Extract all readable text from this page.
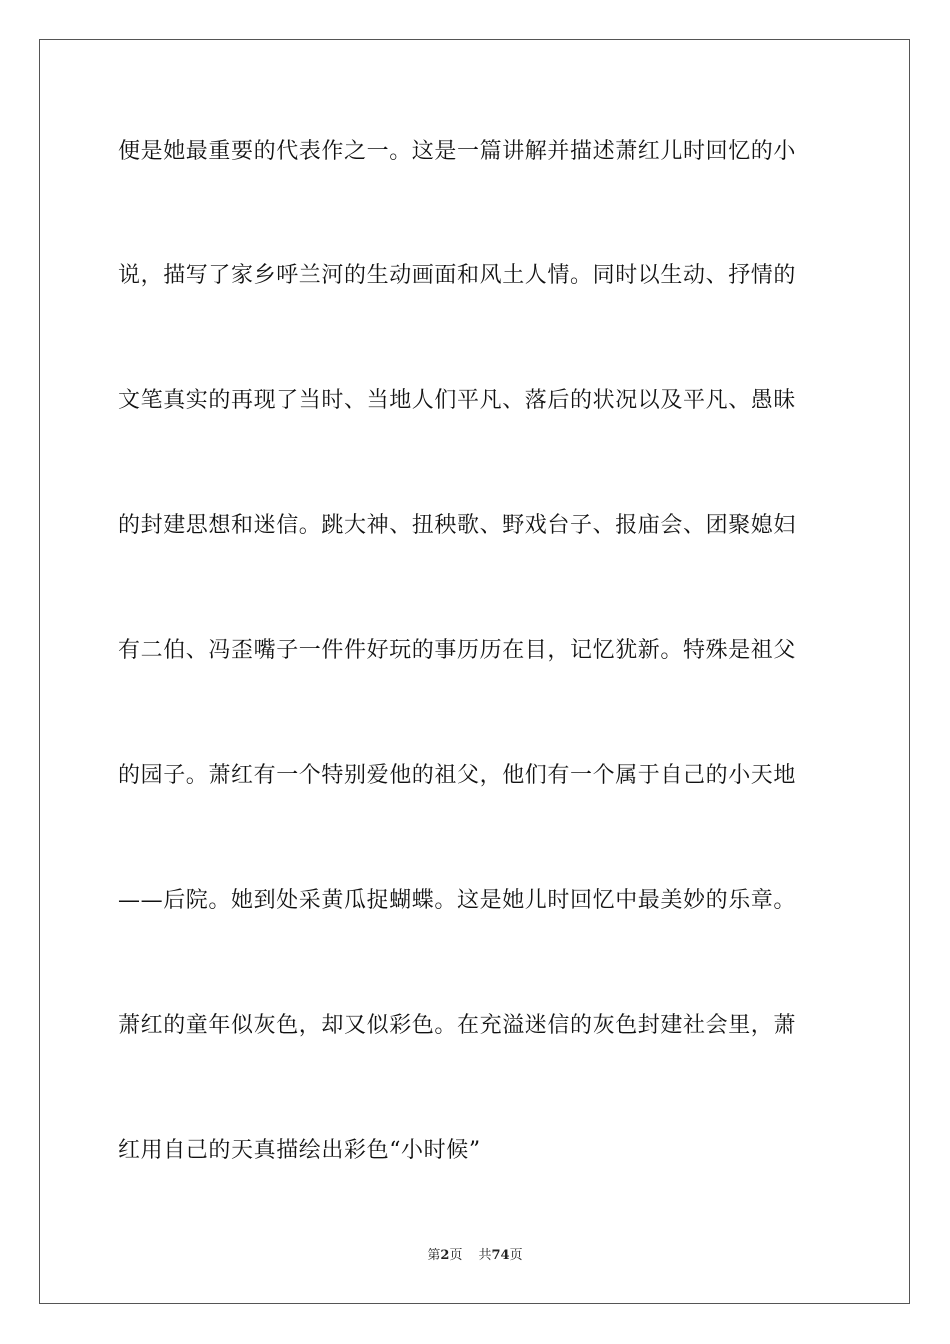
便是她最重要的代表作之一。这是一篇讲解并描述萧红儿时回忆的小
说，描写了家乡呼兰河的生动画面和风土人情。同时以生动、抒情的
文笔真实的再现了当时、当地人们平凡、落后的状况以及平凡、愚昧
的封建思想和迷信。跳大神、扭秧歌、野戏台子、报庙会、团聚媳妇
有二伯、冯歪嘴子一件件好玩的事历历在目，记忆犹新。特殊是祖父
的园子。萧红有一个特别爱他的祖父，他们有一个属于自己的小天地
——后院。她到处采黄瓜捉蝴蝶。这是她儿时回忆中最美妙的乐章。
萧红的童年似灰色，却又似彩色。在充溢迷信的灰色封建社会里，萧
红用自己的天真描绘出彩色“小时候”
第2页 共74页
